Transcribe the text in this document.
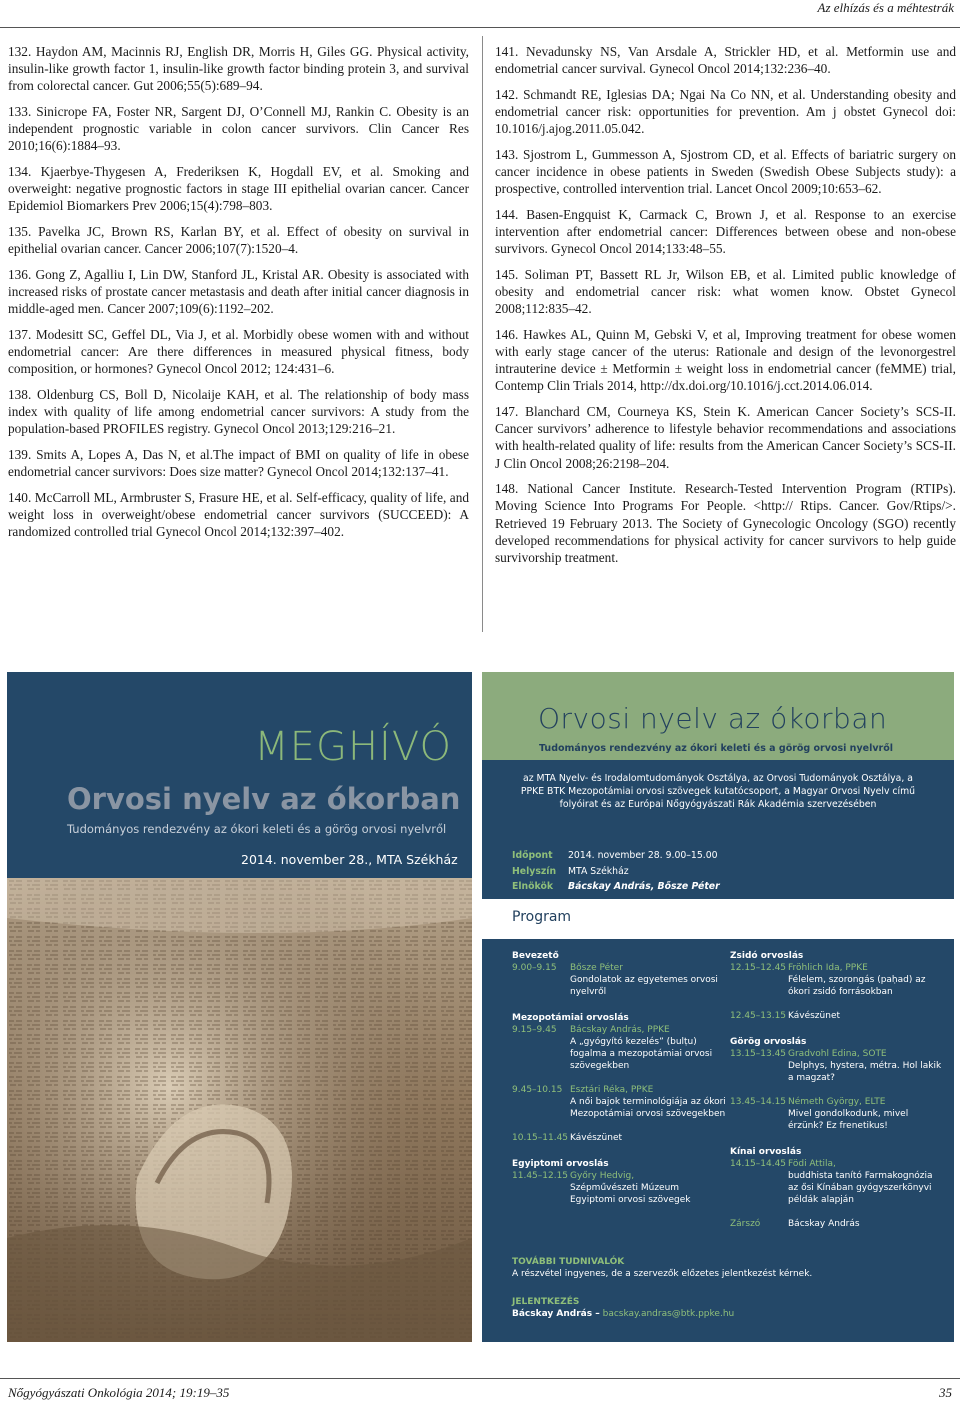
Az elhízás és a méhtestrák
132. Haydon AM, Macinnis RJ, English DR, Morris H, Giles GG. Physical activity, insulin-like growth factor 1, insulin-like growth factor binding protein 3, and survival from colorectal cancer. Gut 2006;55(5):689–94.
133. Sinicrope FA, Foster NR, Sargent DJ, O’Connell MJ, Rankin C. Obesity is an independent prognostic variable in colon cancer survivors. Clin Cancer Res 2010;16(6):1884–93.
134. Kjaerbye-Thygesen A, Frederiksen K, Hogdall EV, et al. Smoking and overweight: negative prognostic factors in stage III epithelial ovarian cancer. Cancer Epidemiol Biomarkers Prev 2006;15(4):798–803.
135. Pavelka JC, Brown RS, Karlan BY, et al. Effect of obesity on survival in epithelial ovarian cancer. Cancer 2006;107(7):1520–4.
136. Gong Z, Agalliu I, Lin DW, Stanford JL, Kristal AR. Obesity is associated with increased risks of prostate cancer metastasis and death after initial cancer diagnosis in middle-aged men. Cancer 2007;109(6):1192–202.
137. Modesitt SC, Geffel DL, Via J, et al. Morbidly obese women with and without endometrial cancer: Are there differences in measured physical fitness, body composition, or hormones? Gynecol Oncol 2012; 124:431–6.
138. Oldenburg CS, Boll D, Nicolaije KAH, et al. The relationship of body mass index with quality of life among endometrial cancer survivors: A study from the population-based PROFILES registry. Gynecol Oncol 2013;129:216–21.
139. Smits A, Lopes A, Das N, et al.The impact of BMI on quality of life in obese endometrial cancer survivors: Does size matter? Gynecol Oncol 2014;132:137–41.
140. McCarroll ML, Armbruster S, Frasure HE, et al. Self-efficacy, quality of life, and weight loss in overweight/obese endometrial cancer survivors (SUCCEED): A randomized controlled trial Gynecol Oncol 2014;132:397–402.
141. Nevadunsky NS, Van Arsdale A, Strickler HD, et al. Metformin use and endometrial cancer survival. Gynecol Oncol 2014;132:236–40.
142. Schmandt RE, Iglesias DA; Ngai Na Co NN, et al. Understanding obesity and endometrial cancer risk: opportunities for prevention. Am j obstet Gynecol doi: 10.1016/j.ajog.2011.05.042.
143. Sjostrom L, Gummesson A, Sjostrom CD, et al. Effects of bariatric surgery on cancer incidence in obese patients in Sweden (Swedish Obese Subjects study): a prospective, controlled intervention trial. Lancet Oncol 2009;10:653–62.
144. Basen-Engquist K, Carmack C, Brown J, et al. Response to an exercise intervention after endometrial cancer: Differences between obese and non-obese survivors. Gynecol Oncol 2014;133:48–55.
145. Soliman PT, Bassett RL Jr, Wilson EB, et al. Limited public knowledge of obesity and endometrial cancer risk: what women know. Obstet Gynecol 2008;112:835–42.
146. Hawkes AL, Quinn M, Gebski V, et al, Improving treatment for obese women with early stage cancer of the uterus: Rationale and design of the levonorgestrel intrauterine device ± Metformin ± weight loss in endometrial cancer (feMME) trial, Contemp Clin Trials 2014, http://dx.doi.org/10.1016/j.cct.2014.06.014.
147. Blanchard CM, Courneya KS, Stein K. American Cancer Society’s SCS-II. Cancer survivors’ adherence to lifestyle behavior recommendations and associations with health-related quality of life: results from the American Cancer Society’s SCS-II. J Clin Oncol 2008;26:2198–204.
148. National Cancer Institute. Research-Tested Intervention Program (RTIPs). Moving Science Into Programs For People. <http:// Rtips. Cancer. Gov/Rtips/>. Retrieved 19 February 2013. The Society of Gynecologic Oncology (SGO) recently developed recommendations for physical activity for cancer survivors to help guide survivorship treatment.
MEGHÍVÓ
Orvosi nyelv az ókorban
Tudományos rendezvény az ókori keleti és a görög orvosi nyelvről
2014. november 28., MTA Székház
Orvosi nyelv az ókorban
Tudományos rendezvény az ókori keleti és a görög orvosi nyelvről
az MTA Nyelv- és Irodalomtudományok Osztálya, az Orvosi Tudományok Osztálya, a PPKE BTK Mezopotámiai orvosi szövegek kutatócsoport, a Magyar Orvosi Nyelv című folyóirat és az Európai Nőgyógyászati Rák Akadémia szervezésében
Időpont 2014. november 28. 9.00–15.00
Helyszín MTA Székház
Elnökök Bácskay András, Bősze Péter
Program
Bevezető
9.00–9.15	Bősze Péter
Gondolatok az egyetemes orvosi nyelvről
Mezopotámiai orvoslás
9.15–9.45	Bácskay András, PPKE
A „gyógyító kezelés” (bulṭu) fogalma a mezopotámiai orvosi szövegekben
9.45–10.15 Esztári Réka, PPKE
A női bajok terminológiája az ókori Mezopotámiai orvosi szövegekben
10.15–11.45 Kávészünet
Egyiptomi orvoslás
11.45–12.15 Győry Hedvig,
Szépművészeti Múzeum Egyiptomi orvosi szövegek
Zsidó orvoslás
12.15–12.45 Fröhlich Ida, PPKE
Félelem, szorongás (paḥad) az ókori zsidó forrásokban
12.45–13.15 Kávészünet
Görög orvoslás
13.15–13.45 Gradvohl Edina, SOTE
Delphys, hystera, métra. Hol lakik a magzat?
13.45–14.15 Németh György, ELTE
Mivel gondolkodunk, mivel érzünk? Ez frenetikus!
Kínai orvoslás
14.15–14.45 Födi Attila,
buddhista tanító Farmakognózia az ősi Kínában gyógyszerkönyvi példák alapján
Zárszó	Bácskay András
TOVÁBBI TUDNIVALÓK
A részvétel ingyenes, de a szervezők előzetes jelentkezést kérnek.
JELENTKEZÉS
Bácskay András – bacskay.andras@btk.ppke.hu
Nőgyógyászati Onkológia 2014; 19:19–35	35
